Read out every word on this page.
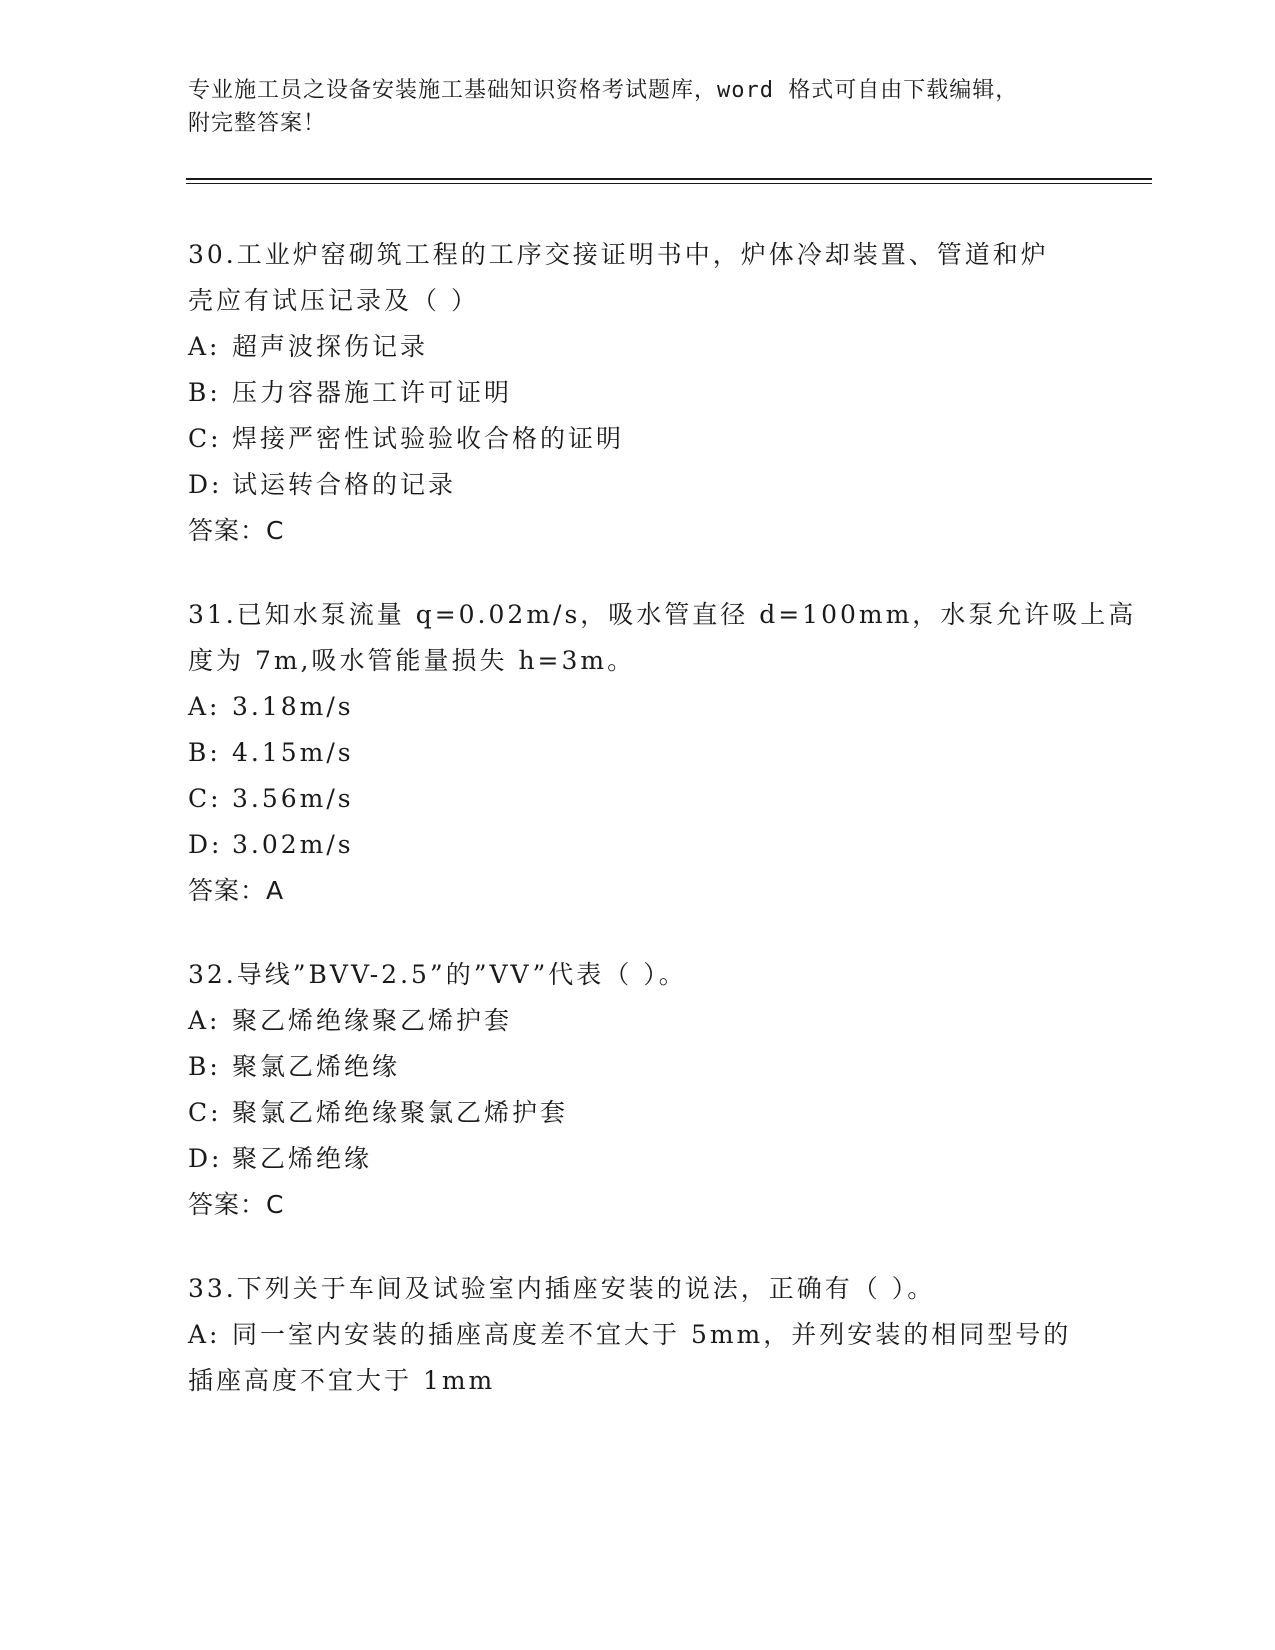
专业施工员之设备安装施工基础知识资格考试题库，word 格式可自由下载编辑，
附完整答案！
30.工业炉窑砌筑工程的工序交接证明书中，炉体冷却装置、管道和炉
壳应有试压记录及（ ）
A: 超声波探伤记录
B: 压力容器施工许可证明
C: 焊接严密性试验验收合格的证明
D: 试运转合格的记录
答案：C
31.已知水泵流量 q=0.02m/s，吸水管直径 d=100mm，水泵允许吸上高
度为 7m,吸水管能量损失 h=3m。
A: 3.18m/s
B: 4.15m/s
C: 3.56m/s
D: 3.02m/s
答案：A
32.导线”BVV-2.5”的”VV”代表（ ）。
A: 聚乙烯绝缘聚乙烯护套
B: 聚氯乙烯绝缘
C: 聚氯乙烯绝缘聚氯乙烯护套
D: 聚乙烯绝缘
答案：C
33.下列关于车间及试验室内插座安装的说法，正确有（ ）。
A: 同一室内安装的插座高度差不宜大于 5mm，并列安装的相同型号的
插座高度不宜大于 1mm
